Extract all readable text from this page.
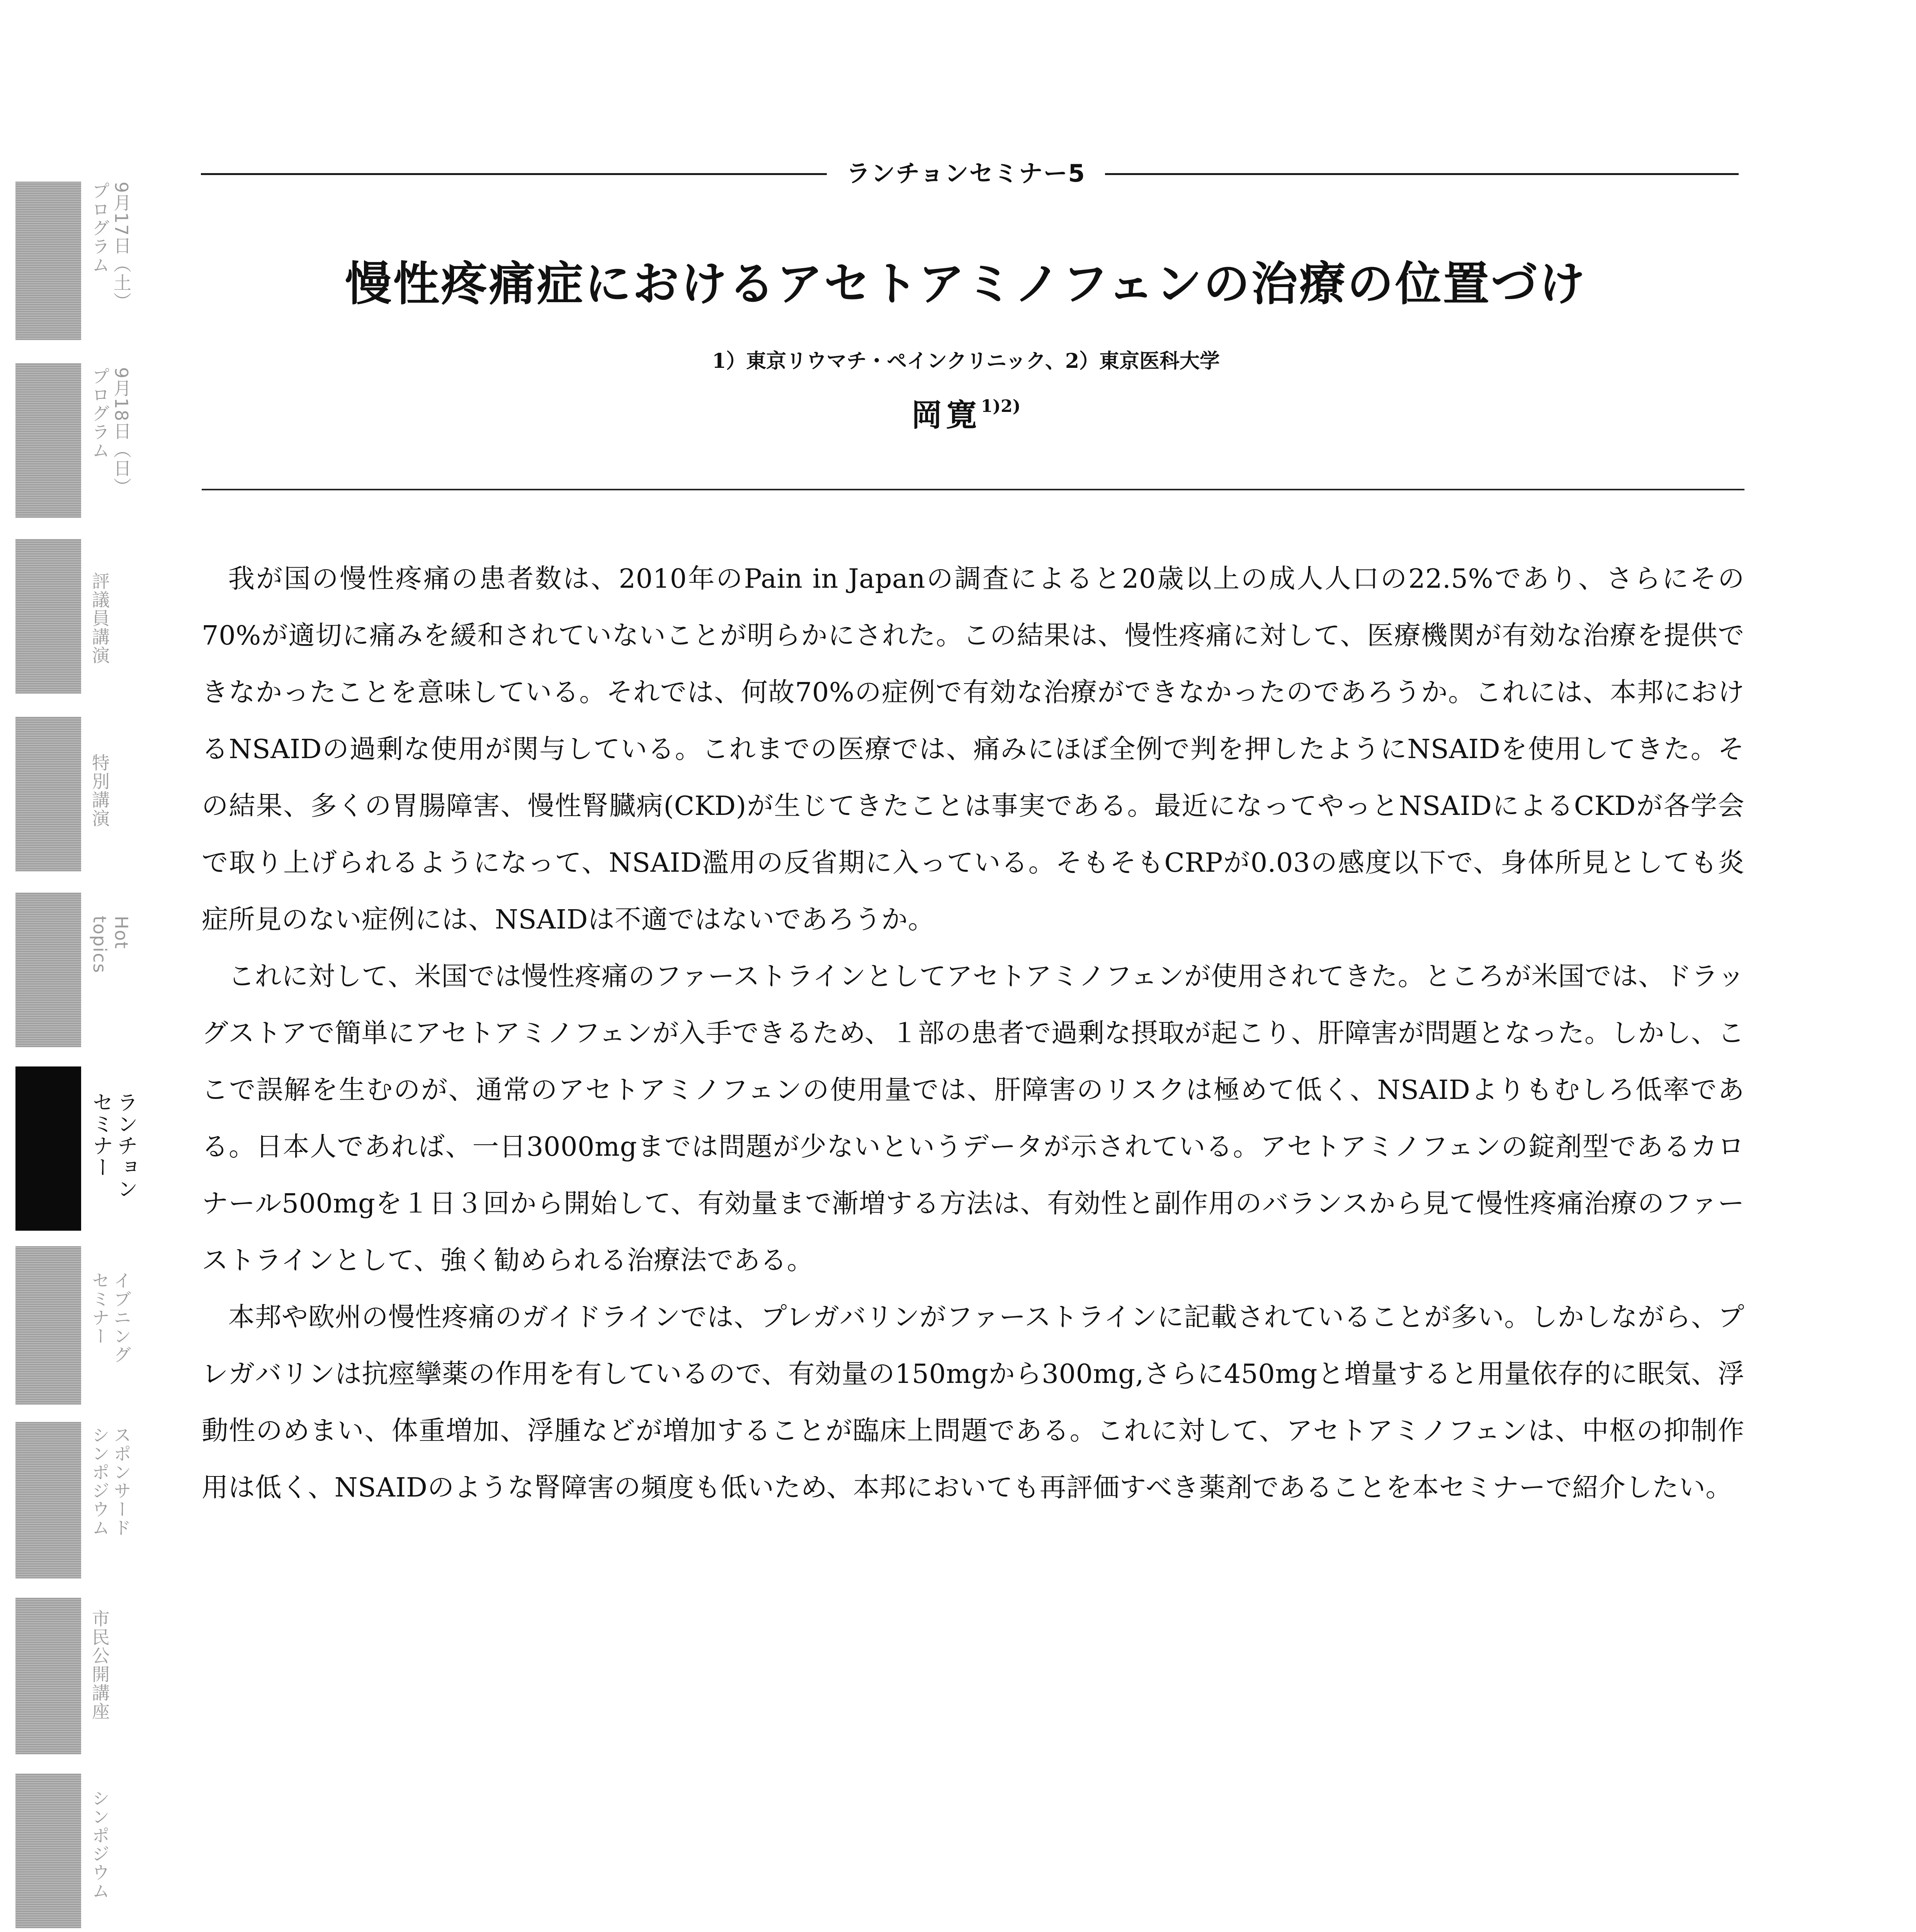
9月17日（土）
プログラム
9月18日（日）
プログラム
評議員講演
特別講演
Hot
topics
ランチョン
セミナー
イブニング
セミナー
スポンサード
シンポジウム
市民公開講座
シンポジウム
ランチョンセミナー5
慢性疼痛症におけるアセトアミノフェンの治療の位置づけ
1）東京リウマチ・ペインクリニック、2）東京医科大学
岡寛$^{1)2)}$

我が国の慢性疼痛の患者数は、2010年のPain in Japanの調査によると20歳以上の成人人口の22.5%であり、さらにその70%が適切に痛みを緩和されていないことが明らかにされた。この結果は、慢性疼痛に対して、医療機関が有効な治療を提供できなかったことを意味している。それでは、何故70%の症例で有効な治療ができなかったのであろうか。これには、本邦におけるNSAIDの過剰な使用が関与している。これまでの医療では、痛みにほぼ全例で判を押したようにNSAIDを使用してきた。その結果、多くの胃腸障害、慢性腎臓病(CKD)が生じてきたことは事実である。最近になってやっとNSAIDによるCKDが各学会で取り上げられるようになって、NSAID濫用の反省期に入っている。そもそもCRPが0.03の感度以下で、身体所見としても炎症所見のない症例には、NSAIDは不適ではないであろうか。

これに対して、米国では慢性疼痛のファーストラインとしてアセトアミノフェンが使用されてきた。ところが米国では、ドラッグストアで簡単にアセトアミノフェンが入手できるため、１部の患者で過剰な摂取が起こり、肝障害が問題となった。しかし、ここで誤解を生むのが、通常のアセトアミノフェンの使用量では、肝障害のリスクは極めて低く、NSAIDよりもむしろ低率である。日本人であれば、一日3000mgまでは問題が少ないというデータが示されている。アセトアミノフェンの錠剤型であるカロナール500mgを１日３回から開始して、有効量まで漸増する方法は、有効性と副作用のバランスから見て慢性疼痛治療のファーストラインとして、強く勧められる治療法である。

本邦や欧州の慢性疼痛のガイドラインでは、プレガバリンがファーストラインに記載されていることが多い。しかしながら、プレガバリンは抗痙攣薬の作用を有しているので、有効量の150mgから300mg,さらに450mgと増量すると用量依存的に眠気、浮動性のめまい、体重増加、浮腫などが増加することが臨床上問題である。これに対して、アセトアミノフェンは、中枢の抑制作用は低く、NSAIDのような腎障害の頻度も低いため、本邦においても再評価すべき薬剤であることを本セミナーで紹介したい。
